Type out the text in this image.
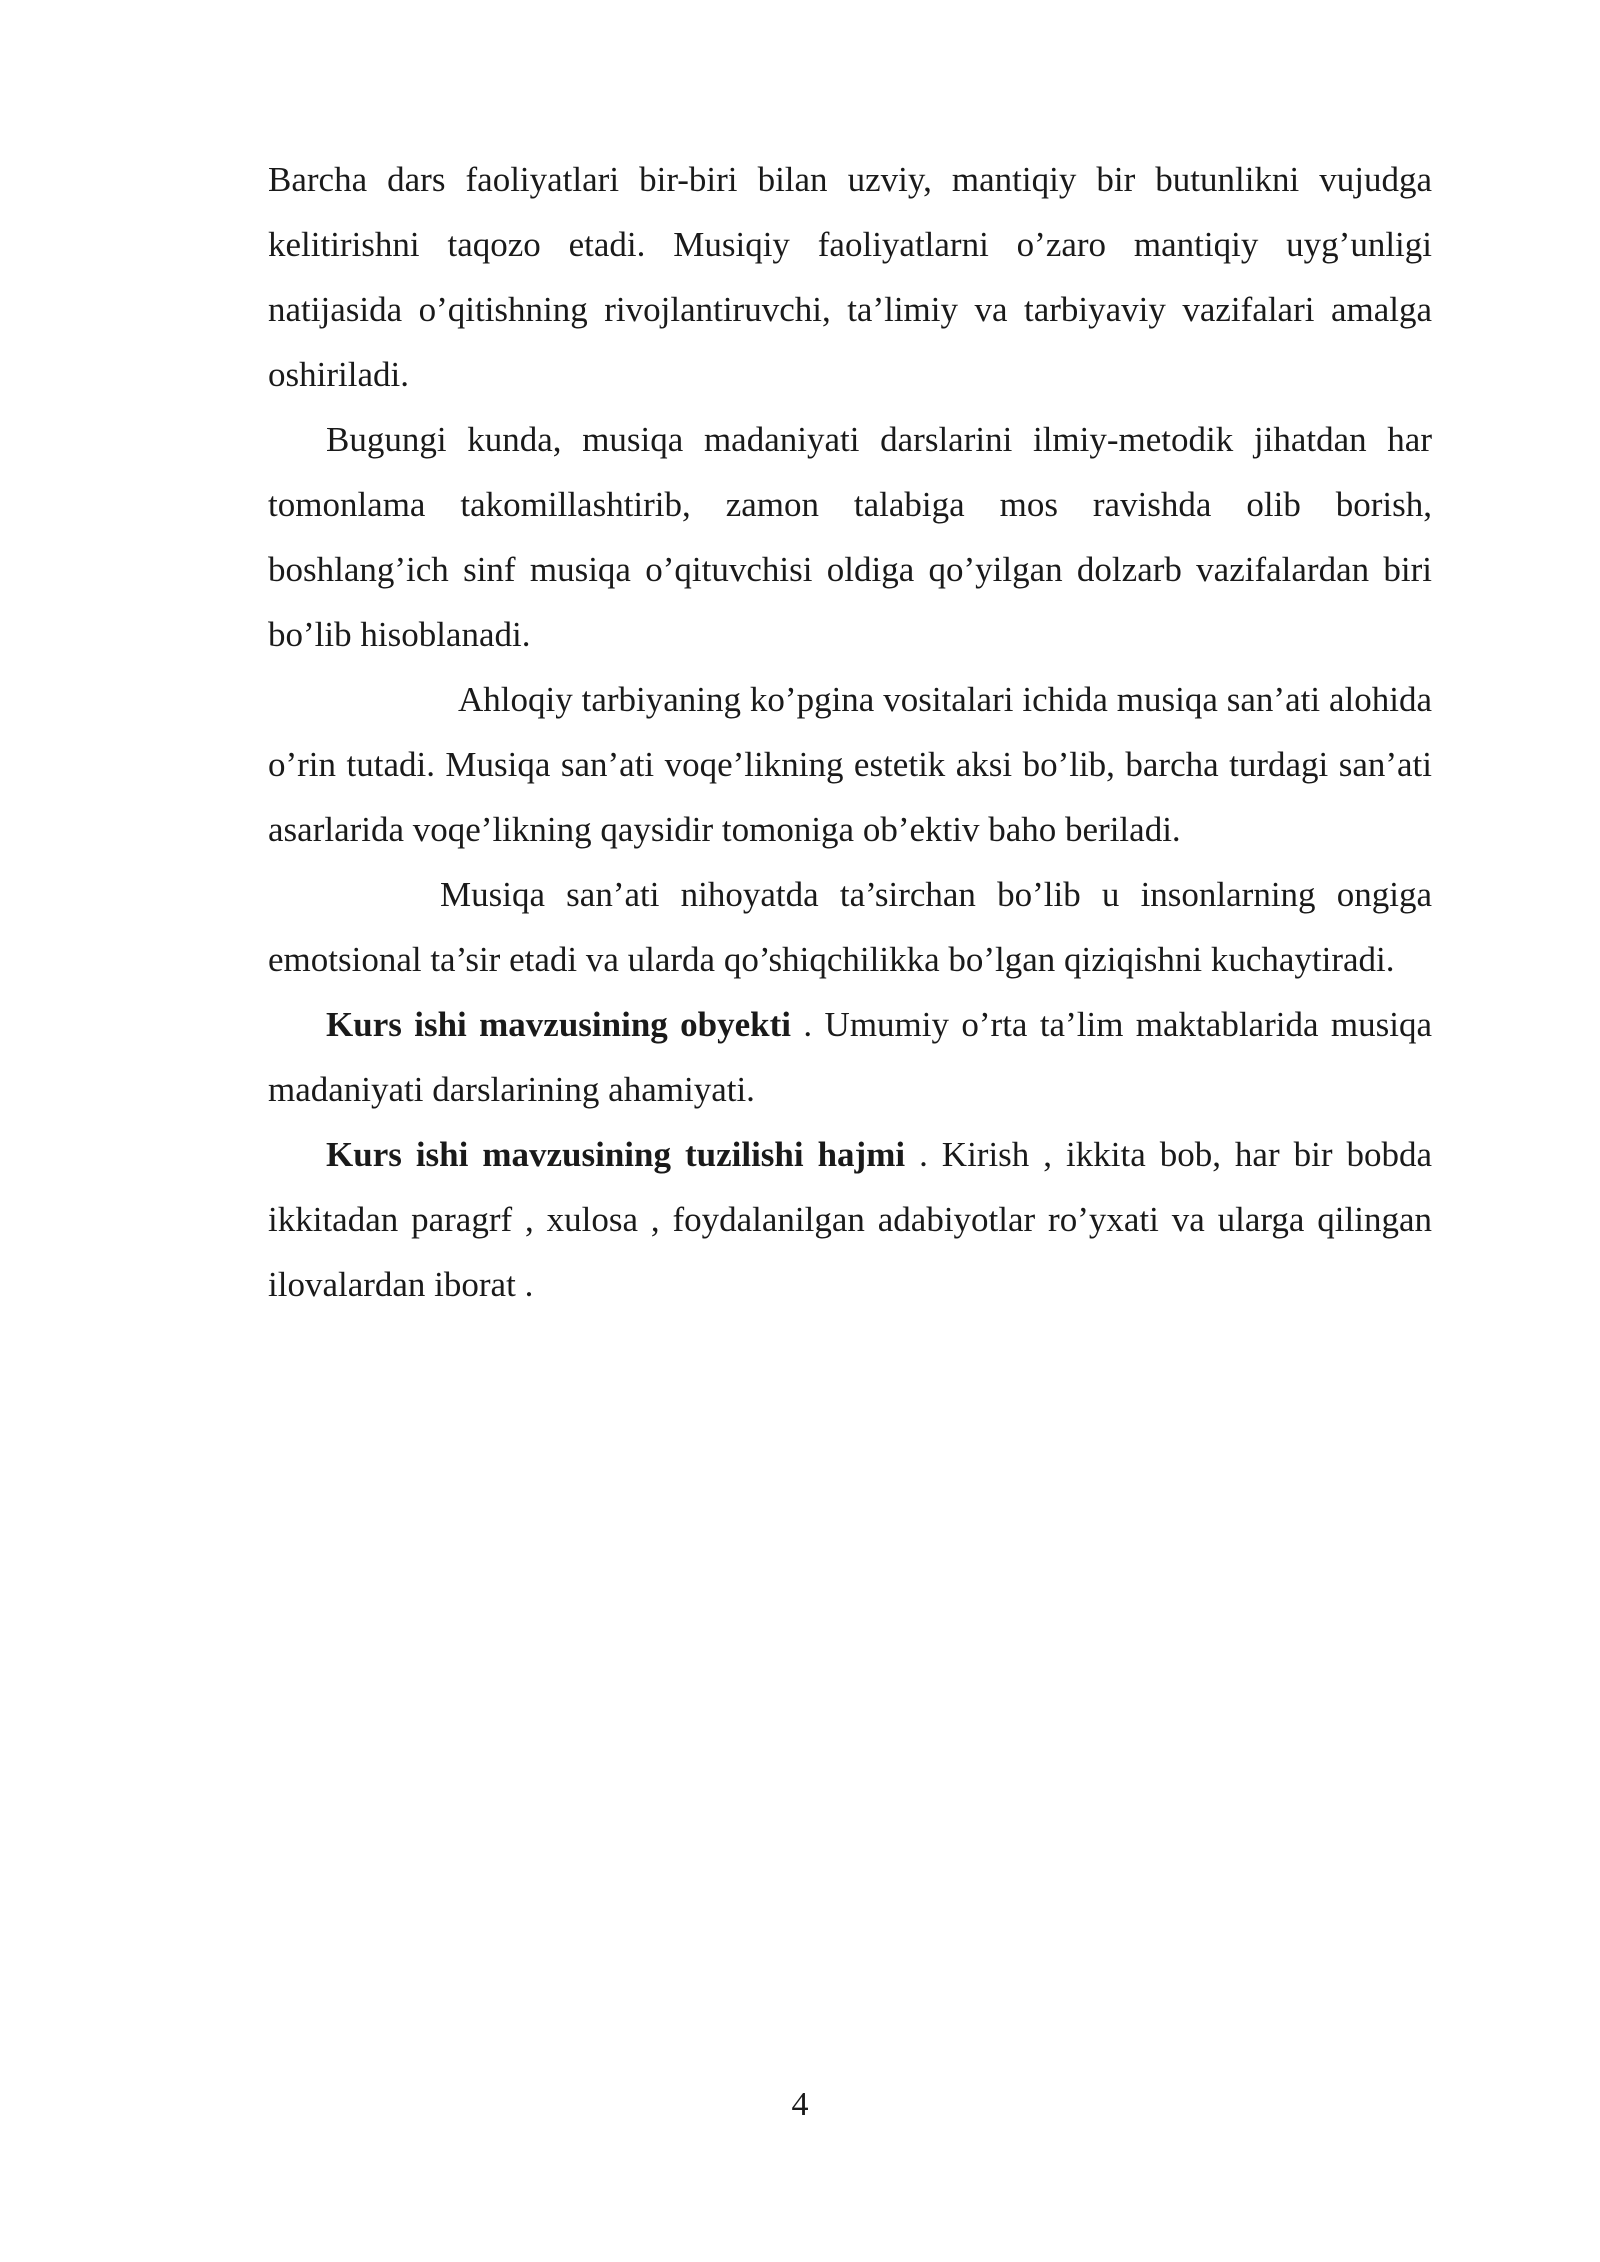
Barcha dars faoliyatlari bir-biri bilan uzviy, mantiqiy bir butunlikni vujudga kelitirishni taqozo etadi. Musiqiy faoliyatlarni o’zaro mantiqiy uyg’unligi natijasida o’qitishning rivojlantiruvchi, ta’limiy va tarbiyaviy vazifalari amalga oshiriladi.

Bugungi kunda, musiqa madaniyati darslarini ilmiy-metodik jihatdan har tomonlama takomillashtirib, zamon talabiga mos ravishda olib borish, boshlang’ich sinf musiqa o’qituvchisi oldiga qo’yilgan dolzarb vazifalardan biri bo’lib hisoblanadi.

Ahloqiy tarbiyaning ko’pgina vositalari ichida musiqa san’ati alohida o’rin tutadi. Musiqa san’ati voqe’likning estetik aksi bo’lib, barcha turdagi san’ati asarlarida voqe’likning qaysidir tomoniga ob’ektiv baho beriladi.

Musiqa san’ati nihoyatda ta’sirchan bo’lib u insonlarning ongiga emotsional ta’sir etadi va ularda qo’shiqchilikka bo’lgan qiziqishni kuchaytiradi.

Kurs ishi mavzusining obyekti . Umumiy o’rta ta’lim maktablarida musiqa madaniyati darslarining ahamiyati.

Kurs ishi mavzusining tuzilishi hajmi . Kirish , ikkita bob, har bir bobda ikkitadan paragrf , xulosa , foydalanilgan adabiyotlar ro’yxati va ularga qilingan ilovalardan iborat .

4
